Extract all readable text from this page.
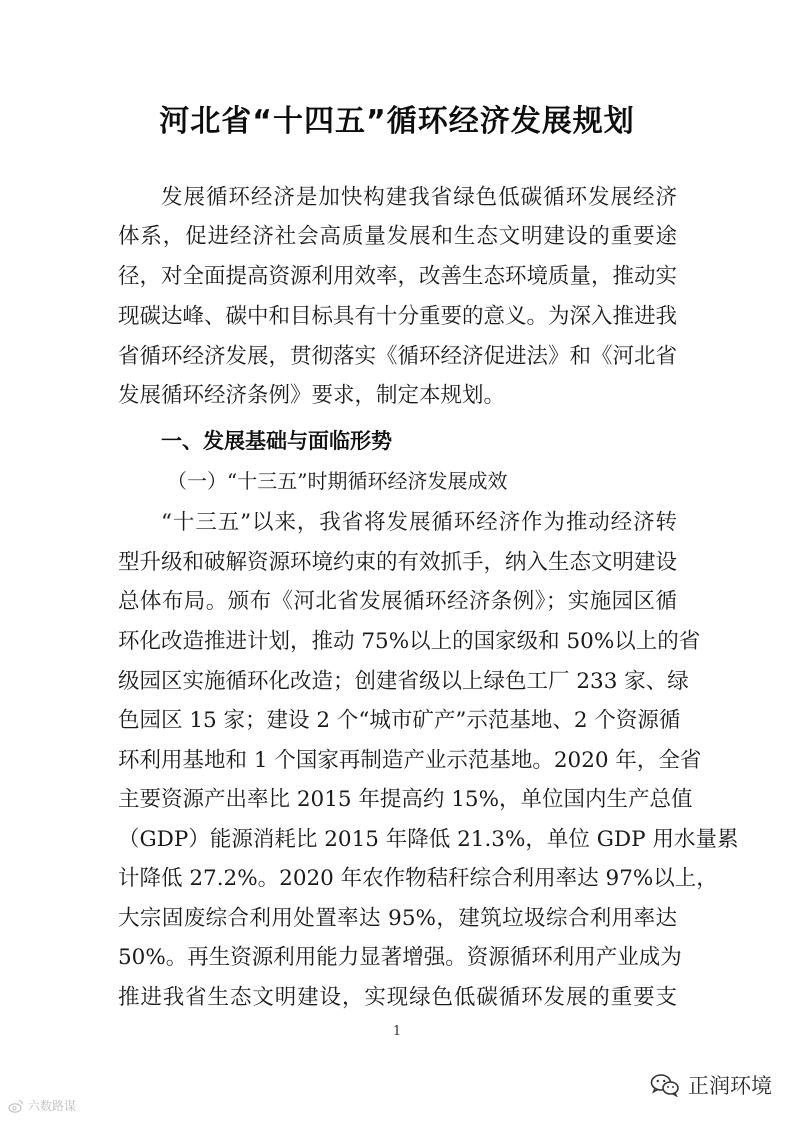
河北省“十四五”循环经济发展规划
发展循环经济是加快构建我省绿色低碳循环发展经济
体系，促进经济社会高质量发展和生态文明建设的重要途
径，对全面提高资源利用效率，改善生态环境质量，推动实
现碳达峰、碳中和目标具有十分重要的意义。为深入推进我
省循环经济发展，贯彻落实《循环经济促进法》和《河北省
发展循环经济条例》要求，制定本规划。
一、发展基础与面临形势
（一）“十三五”时期循环经济发展成效
“十三五”以来，我省将发展循环经济作为推动经济转
型升级和破解资源环境约束的有效抓手，纳入生态文明建设
总体布局。颁布《河北省发展循环经济条例》；实施园区循
环化改造推进计划，推动 75%以上的国家级和 50%以上的省
级园区实施循环化改造；创建省级以上绿色工厂 233 家、绿
色园区 15 家；建设 2 个“城市矿产”示范基地、2 个资源循
环利用基地和 1 个国家再制造产业示范基地。2020 年，全省
主要资源产出率比 2015 年提高约 15%，单位国内生产总值
（GDP）能源消耗比 2015 年降低 21.3%，单位 GDP 用水量累
计降低 27.2%。2020 年农作物秸秆综合利用率达 97%以上，
大宗固废综合利用处置率达 95%，建筑垃圾综合利用率达
50%。再生资源利用能力显著增强。资源循环利用产业成为
推进我省生态文明建设，实现绿色低碳循环发展的重要支
1
六数路谋
正润环境
